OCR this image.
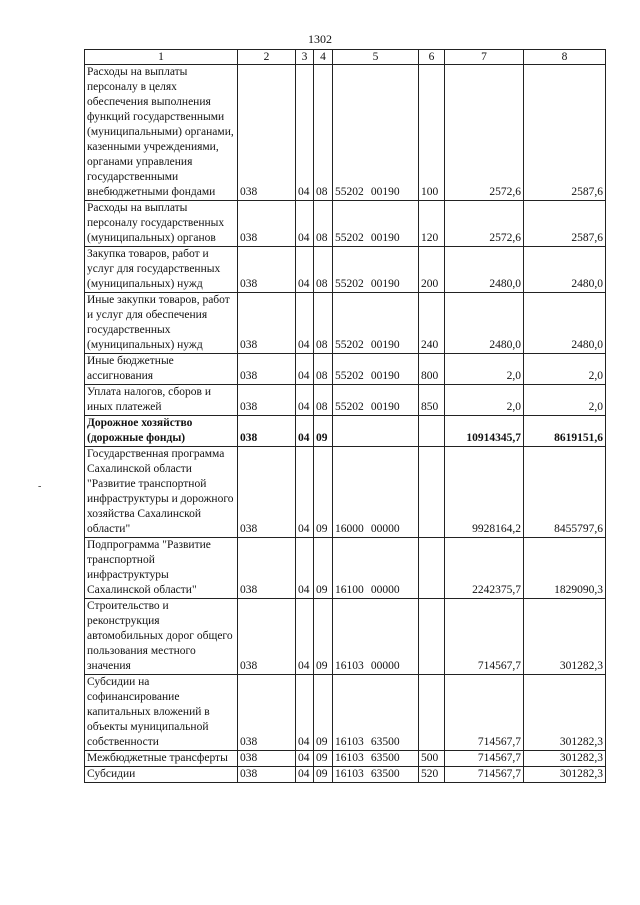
1302
1	2	3	4	5	6	7	8
Расходы на выплаты персоналу в целях обеспечения выполнения функций государственными (муниципальными) органами, казенными учреждениями, органами управления государственными внебюджетными фондами	038	04	08	55202 00190	100	2572,6	2587,6
Расходы на выплаты персоналу государственных (муниципальных) органов	038	04	08	55202 00190	120	2572,6	2587,6
Закупка товаров, работ и услуг для государственных (муниципальных) нужд	038	04	08	55202 00190	200	2480,0	2480,0
Иные закупки товаров, работ и услуг для обеспечения государственных (муниципальных) нужд	038	04	08	55202 00190	240	2480,0	2480,0
Иные бюджетные ассигнования	038	04	08	55202 00190	800	2,0	2,0
Уплата налогов, сборов и иных платежей	038	04	08	55202 00190	850	2,0	2,0
Дорожное хозяйство (дорожные фонды)	038	04	09			10914345,7	8619151,6
Государственная программа Сахалинской области "Развитие транспортной инфраструктуры и дорожного хозяйства Сахалинской области"	038	04	09	16000 00000		9928164,2	8455797,6
Подпрограмма "Развитие транспортной инфраструктуры Сахалинской области"	038	04	09	16100 00000		2242375,7	1829090,3
Строительство и реконструкция автомобильных дорог общего пользования местного значения	038	04	09	16103 00000		714567,7	301282,3
Субсидии на софинансирование капитальных вложений в объекты муниципальной собственности	038	04	09	16103 63500		714567,7	301282,3
Межбюджетные трансферты	038	04	09	16103 63500	500	714567,7	301282,3
Субсидии	038	04	09	16103 63500	520	714567,7	301282,3
-
